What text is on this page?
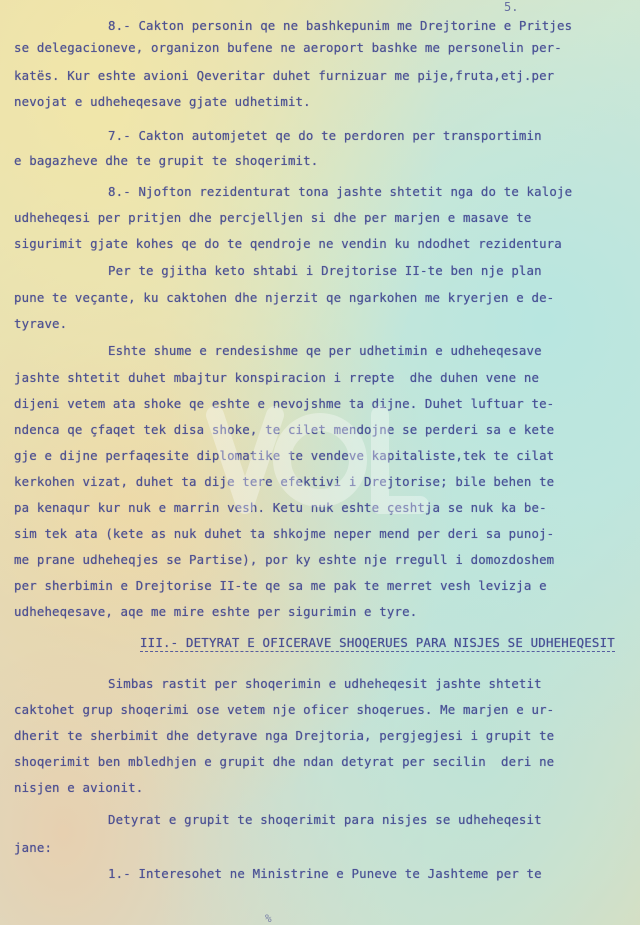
5.
8.- Cakton personin qe ne bashkepunim me Drejtorine e Pritjes
se delegacioneve, organizon bufene ne aeroport bashke me personelin per-
katës. Kur eshte avioni Qeveritar duhet furnizuar me pije,fruta,etj.per
nevojat e udheheqesave gjate udhetimit.
7.- Cakton automjetet qe do te perdoren per transportimin
e bagazheve dhe te grupit te shoqerimit.
8.- Njofton rezidenturat tona jashte shtetit nga do te kaloje
udheheqesi per pritjen dhe percjelljen si dhe per marjen e masave te
sigurimit gjate kohes qe do te qendroje ne vendin ku ndodhet rezidentura
Per te gjitha keto shtabi i Drejtorise II-te ben nje plan
pune te veçante, ku caktohen dhe njerzit qe ngarkohen me kryerjen e de-
tyrave.
Eshte shume e rendesishme qe per udhetimin e udheheqesave
jashte shtetit duhet mbajtur konspiracion i rrepte  dhe duhen vene ne
dijeni vetem ata shoke qe eshte e nevojshme ta dijne. Duhet luftuar te-
ndenca qe çfaqet tek disa shoke, te cilet mendojne se perderi sa e kete
gje e dijne perfaqesite diplomatike te vendeve kapitaliste,tek te cilat
kerkohen vizat, duhet ta dije tere efektivi i Drejtorise; bile behen te
pa kenaqur kur nuk e marrin vesh. Ketu nuk eshte çeshtja se nuk ka be-
sim tek ata (kete as nuk duhet ta shkojme neper mend per deri sa punoj-
me prane udheheqjes se Partise), por ky eshte nje rregull i domozdoshem
per sherbimin e Drejtorise II-te qe sa me pak te merret vesh levizja e
udheheqesave, aqe me mire eshte per sigurimin e tyre.
III.- DETYRAT E OFICERAVE SHOQERUES PARA NISJES SE UDHEHEQESIT
Simbas rastit per shoqerimin e udheheqesit jashte shtetit
caktohet grup shoqerimi ose vetem nje oficer shoqerues. Me marjen e ur-
dherit te sherbimit dhe detyrave nga Drejtoria, pergjegjesi i grupit te
shoqerimit ben mbledhjen e grupit dhe ndan detyrat per secilin  deri ne
nisjen e avionit.
Detyrat e grupit te shoqerimit para nisjes se udheheqesit
jane:
1.- Interesohet ne Ministrine e Puneve te Jashteme per te
%
